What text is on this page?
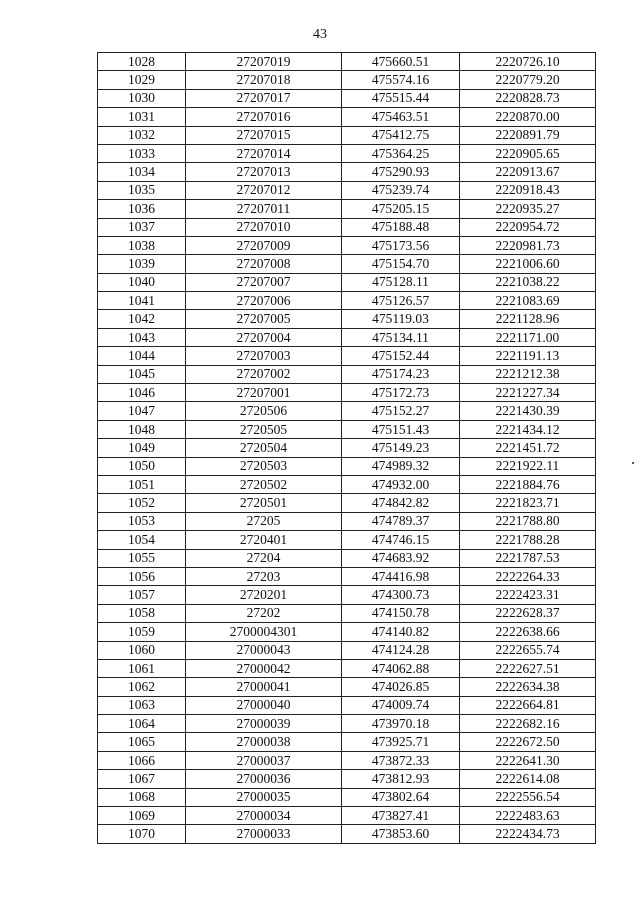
43
1028	27207019	475660.51	2220726.10
1029	27207018	475574.16	2220779.20
1030	27207017	475515.44	2220828.73
1031	27207016	475463.51	2220870.00
1032	27207015	475412.75	2220891.79
1033	27207014	475364.25	2220905.65
1034	27207013	475290.93	2220913.67
1035	27207012	475239.74	2220918.43
1036	27207011	475205.15	2220935.27
1037	27207010	475188.48	2220954.72
1038	27207009	475173.56	2220981.73
1039	27207008	475154.70	2221006.60
1040	27207007	475128.11	2221038.22
1041	27207006	475126.57	2221083.69
1042	27207005	475119.03	2221128.96
1043	27207004	475134.11	2221171.00
1044	27207003	475152.44	2221191.13
1045	27207002	475174.23	2221212.38
1046	27207001	475172.73	2221227.34
1047	2720506	475152.27	2221430.39
1048	2720505	475151.43	2221434.12
1049	2720504	475149.23	2221451.72
1050	2720503	474989.32	2221922.11
1051	2720502	474932.00	2221884.76
1052	2720501	474842.82	2221823.71
1053	27205	474789.37	2221788.80
1054	2720401	474746.15	2221788.28
1055	27204	474683.92	2221787.53
1056	27203	474416.98	2222264.33
1057	2720201	474300.73	2222423.31
1058	27202	474150.78	2222628.37
1059	2700004301	474140.82	2222638.66
1060	27000043	474124.28	2222655.74
1061	27000042	474062.88	2222627.51
1062	27000041	474026.85	2222634.38
1063	27000040	474009.74	2222664.81
1064	27000039	473970.18	2222682.16
1065	27000038	473925.71	2222672.50
1066	27000037	473872.33	2222641.30
1067	27000036	473812.93	2222614.08
1068	27000035	473802.64	2222556.54
1069	27000034	473827.41	2222483.63
1070	27000033	473853.60	2222434.73
